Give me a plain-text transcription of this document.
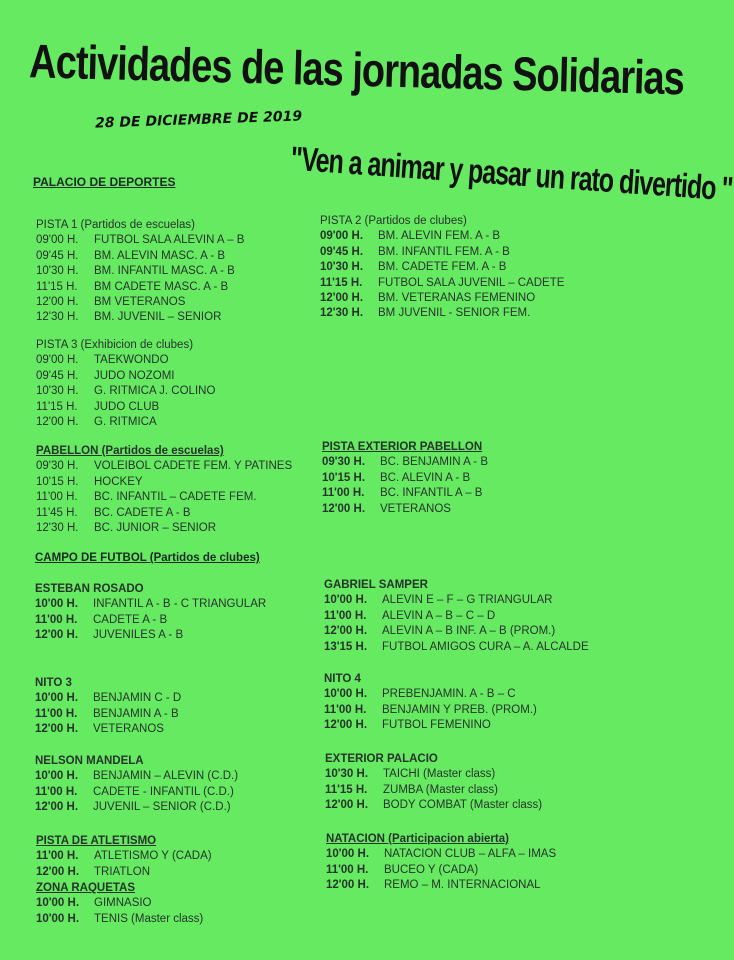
Actividades de las jornadas Solidarias
28 DE DICIEMBRE DE 2019
"Ven a animar y pasar un rato divertido "
PALACIO DE DEPORTES
CAMPO DE FUTBOL (Partidos de clubes)
PISTA 1 (Partidos de escuelas)
09'00 H.	FUTBOL SALA ALEVIN A – B
09'45 H.	BM. ALEVIN MASC. A - B
10'30 H.	BM. INFANTIL MASC. A - B
11'15 H.	BM CADETE MASC. A - B
12'00 H.	BM VETERANOS
12'30 H.	BM. JUVENIL – SENIOR
PISTA 2 (Partidos de clubes)
09'00 H.	BM. ALEVIN FEM. A - B
09'45 H.	BM. INFANTIL FEM. A - B
10'30 H.	BM. CADETE FEM. A - B
11'15 H.	FUTBOL SALA JUVENIL – CADETE
12'00 H.	BM. VETERANAS FEMENINO
12'30 H.	BM JUVENIL - SENIOR FEM.
PISTA 3 (Exhibicion de clubes)
09'00 H.	TAEKWONDO
09'45 H.	JUDO NOZOMI
10'30 H.	G. RITMICA J. COLINO
11'15 H.	JUDO CLUB
12'00 H.	G. RITMICA
PABELLON (Partidos de escuelas)
09'30 H.	VOLEIBOL CADETE FEM. Y PATINES
10'15 H.	HOCKEY
11'00 H.	BC. INFANTIL – CADETE FEM.
11'45 H.	BC. CADETE A - B
12'30 H.	BC. JUNIOR – SENIOR
PISTA EXTERIOR PABELLON
09'30 H.	BC. BENJAMIN A - B
10'15 H.	BC. ALEVIN A - B
11'00 H.	BC. INFANTIL A – B
12'00 H.	VETERANOS
ESTEBAN ROSADO
10'00 H.	INFANTIL A - B - C TRIANGULAR
11'00 H.	CADETE A - B
12'00 H.	JUVENILES A - B
GABRIEL SAMPER
10'00 H.	ALEVIN E – F – G TRIANGULAR
11'00 H.	ALEVIN A – B – C – D
12'00 H.	ALEVIN A – B INF. A – B (PROM.)
13'15 H.	FUTBOL AMIGOS CURA – A. ALCALDE
NITO 3
10'00 H.	BENJAMIN C - D
11'00 H.	BENJAMIN A - B
12'00 H.	VETERANOS
NITO 4
10'00 H.	PREBENJAMIN. A - B – C
11'00 H.	BENJAMIN Y PREB. (PROM.)
12'00 H.	FUTBOL FEMENINO
NELSON MANDELA
10'00 H.	BENJAMIN – ALEVIN (C.D.)
11'00 H.	CADETE - INFANTIL (C.D.)
12'00 H.	JUVENIL – SENIOR (C.D.)
EXTERIOR PALACIO
10'30 H.	TAICHI (Master class)
11'15 H.	ZUMBA (Master class)
12'00 H.	BODY COMBAT (Master class)
PISTA DE ATLETISMO
11'00 H.	ATLETISMO Y (CADA)
12'00 H.	TRIATLON
ZONA RAQUETAS
10'00 H.	GIMNASIO
10'00 H.	TENIS (Master class)
NATACION (Participacion abierta)
10'00 H.	NATACION CLUB – ALFA – IMAS
11'00 H.	BUCEO Y (CADA)
12'00 H.	REMO – M. INTERNACIONAL
